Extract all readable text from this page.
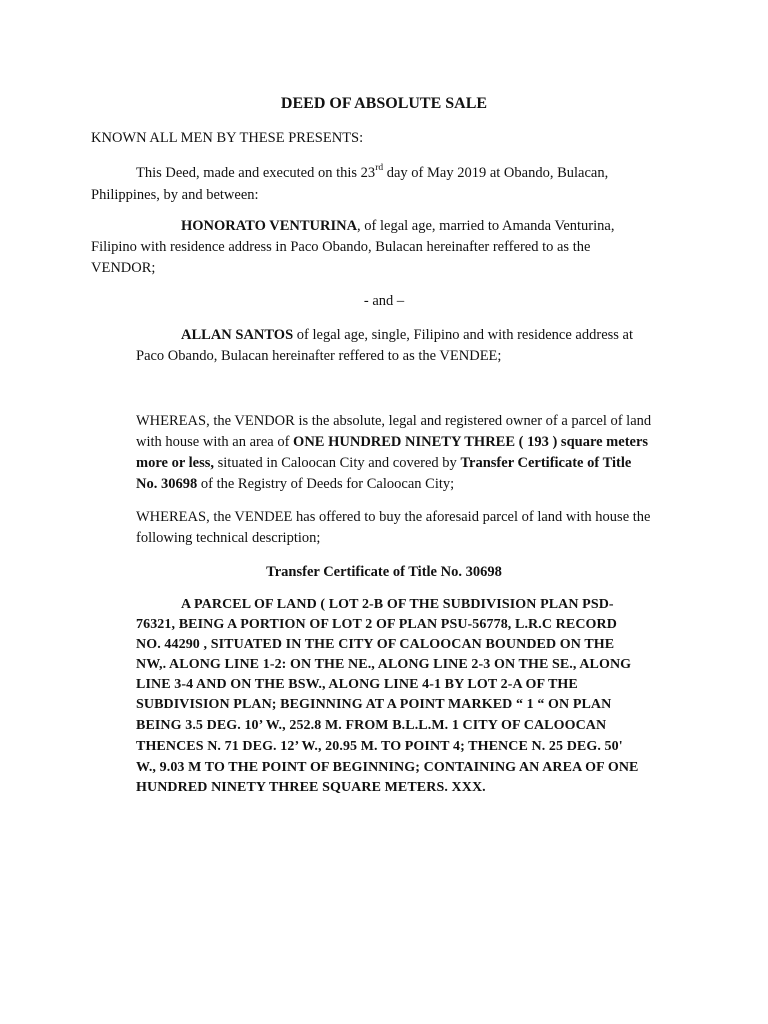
DEED OF ABSOLUTE SALE
KNOWN ALL MEN BY THESE PRESENTS:
This Deed, made and executed on this 23rd day of May 2019 at Obando, Bulacan,
Philippines, by and between:
HONORATO VENTURINA, of legal age, married to Amanda Venturina,
Filipino with residence address in Paco Obando, Bulacan hereinafter reffered to as the
VENDOR;
- and –
ALLAN SANTOS of legal age, single, Filipino and with residence address at
Paco Obando, Bulacan hereinafter reffered to as the VENDEE;
WHEREAS, the VENDOR is the absolute, legal and registered owner of a parcel of land
with house with an area of ONE HUNDRED NINETY THREE ( 193 ) square meters
more or less, situated in Caloocan City and covered by Transfer Certificate of Title
No. 30698 of the Registry of Deeds for Caloocan City;
WHEREAS, the VENDEE has offered to buy the aforesaid parcel of land with house the
following technical description;
Transfer Certificate of Title No. 30698
A PARCEL OF LAND ( LOT 2-B OF THE SUBDIVISION PLAN PSD-
76321, BEING A PORTION OF LOT 2 OF PLAN PSU-56778, L.R.C RECORD
NO. 44290 , SITUATED IN THE CITY OF CALOOCAN BOUNDED ON THE
NW,. ALONG LINE 1-2: ON THE NE., ALONG LINE 2-3 ON THE SE., ALONG
LINE 3-4 AND ON THE BSW., ALONG LINE 4-1 BY LOT 2-A OF THE
SUBDIVISION PLAN; BEGINNING AT A POINT MARKED “ 1 “ ON PLAN
BEING 3.5 DEG. 10’ W., 252.8 M. FROM B.L.L.M. 1 CITY OF CALOOCAN
THENCES N. 71 DEG. 12’ W., 20.95 M. TO POINT 4; THENCE N. 25 DEG. 50'
W., 9.03 M TO THE POINT OF BEGINNING; CONTAINING AN AREA OF ONE
HUNDRED NINETY THREE SQUARE METERS. XXX.
